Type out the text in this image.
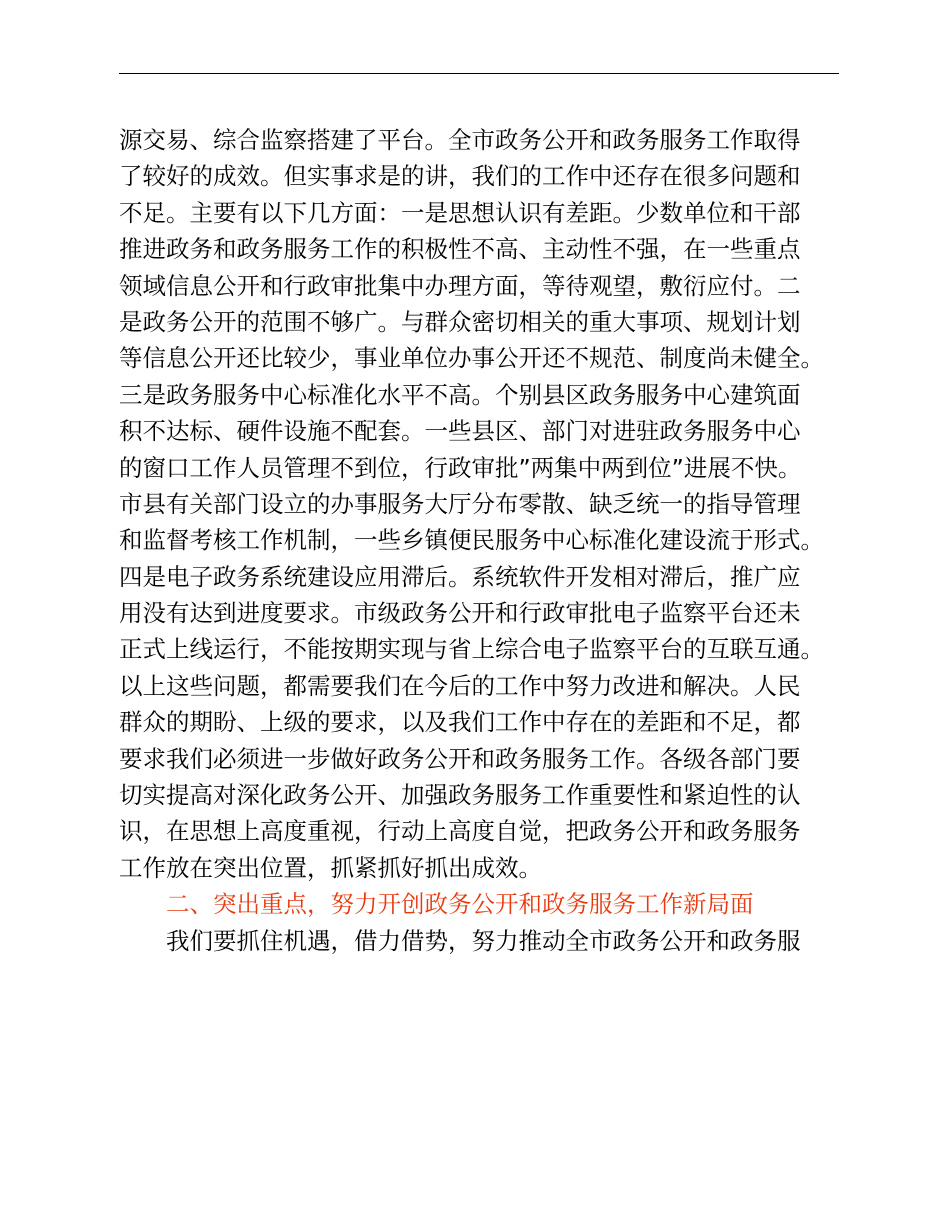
源交易、综合监察搭建了平台。全市政务公开和政务服务工作取得
了较好的成效。但实事求是的讲，我们的工作中还存在很多问题和
不足。主要有以下几方面：一是思想认识有差距。少数单位和干部
推进政务和政务服务工作的积极性不高、主动性不强，在一些重点
领域信息公开和行政审批集中办理方面，等待观望，敷衍应付。二
是政务公开的范围不够广。与群众密切相关的重大事项、规划计划
等信息公开还比较少，事业单位办事公开还不规范、制度尚未健全。
三是政务服务中心标准化水平不高。个别县区政务服务中心建筑面
积不达标、硬件设施不配套。一些县区、部门对进驻政务服务中心
的窗口工作人员管理不到位，行政审批”两集中两到位”进展不快。
市县有关部门设立的办事服务大厅分布零散、缺乏统一的指导管理
和监督考核工作机制，一些乡镇便民服务中心标准化建设流于形式。
四是电子政务系统建设应用滞后。系统软件开发相对滞后，推广应
用没有达到进度要求。市级政务公开和行政审批电子监察平台还未
正式上线运行，不能按期实现与省上综合电子监察平台的互联互通。
以上这些问题，都需要我们在今后的工作中努力改进和解决。人民
群众的期盼、上级的要求，以及我们工作中存在的差距和不足，都
要求我们必须进一步做好政务公开和政务服务工作。各级各部门要
切实提高对深化政务公开、加强政务服务工作重要性和紧迫性的认
识，在思想上高度重视，行动上高度自觉，把政务公开和政务服务
工作放在突出位置，抓紧抓好抓出成效。
二、突出重点，努力开创政务公开和政务服务工作新局面
我们要抓住机遇，借力借势，努力推动全市政务公开和政务服
